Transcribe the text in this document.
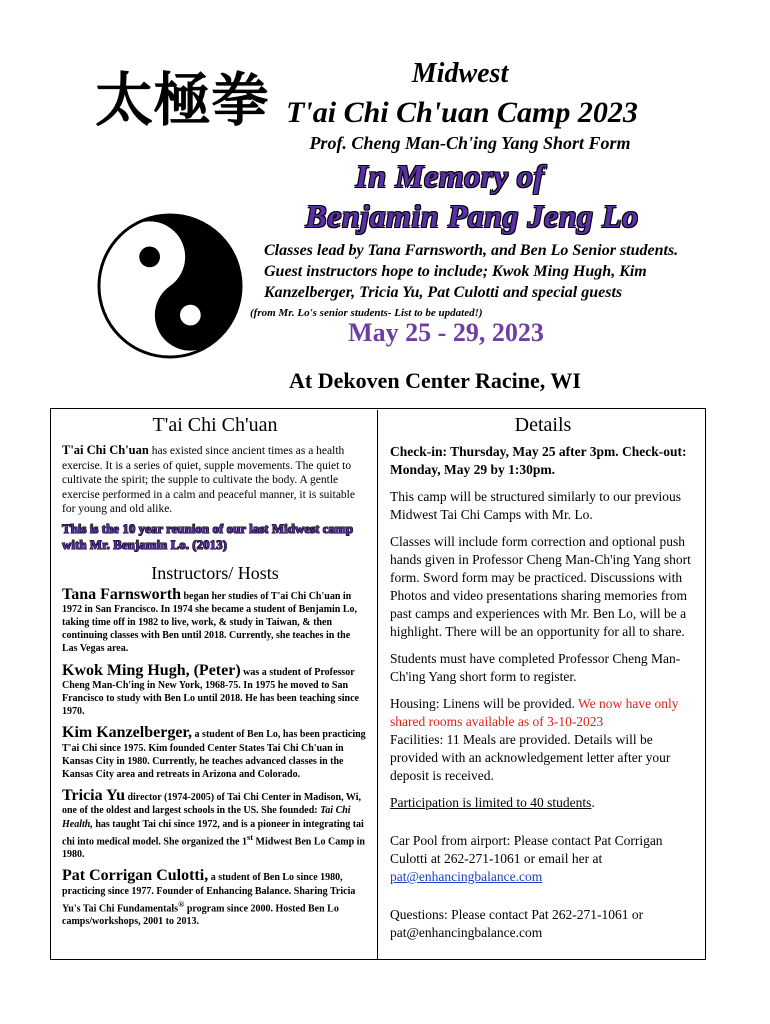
太極拳	Midwest
T'ai Chi Ch'uan Camp 2023
Prof. Cheng Man-Ch'ing Yang Short Form
In Memory of
Benjamin Pang Jeng Lo
Classes lead by Tana Farnsworth, and Ben Lo Senior students. Guest instructors hope to include; Kwok Ming Hugh, Kim Kanzelberger, Tricia Yu, Pat Culotti and special guests
(from Mr. Lo's senior students- List to be updated!)
May 25 - 29, 2023
At Dekoven Center Racine, WI
T'ai Chi Ch'uan
T'ai Chi Ch'uan has existed since ancient times as a health exercise. It is a series of quiet, supple movements. The quiet to cultivate the spirit; the supple to cultivate the body. A gentle exercise performed in a calm and peaceful manner, it is suitable for young and old alike.
This is the 10 year reunion of our last Midwest camp with Mr. Benjamin Lo. (2013)
Instructors/ Hosts
Tana Farnsworth began her studies of T'ai Chi Ch'uan in 1972 in San Francisco. In 1974 she became a student of Benjamin Lo, taking time off in 1982 to live, work, & study in Taiwan, & then continuing classes with Ben until 2018. Currently, she teaches in the Las Vegas area.
Kwok Ming Hugh, (Peter) was a student of Professor Cheng Man-Ch'ing in New York, 1968-75. In 1975 he moved to San Francisco to study with Ben Lo until 2018. He has been teaching since 1970.
Kim Kanzelberger, a student of Ben Lo, has been practicing T'ai Chi since 1975. Kim founded Center States Tai Chi Ch'uan in Kansas City in 1980. Currently, he teaches advanced classes in the Kansas City area and retreats in Arizona and Colorado.
Tricia Yu director (1974-2005) of Tai Chi Center in Madison, Wi, one of the oldest and largest schools in the US. She founded: Tai Chi Health, has taught Tai chi since 1972, and is a pioneer in integrating tai chi into medical model. She organized the 1st Midwest Ben Lo Camp in 1980.
Pat Corrigan Culotti, a student of Ben Lo since 1980, practicing since 1977. Founder of Enhancing Balance. Sharing Tricia Yu's Tai Chi Fundamentals® program since 2000. Hosted Ben Lo camps/workshops, 2001 to 2013.
Details
Check-in: Thursday, May 25 after 3pm. Check-out: Monday, May 29 by 1:30pm.
This camp will be structured similarly to our previous Midwest Tai Chi Camps with Mr. Lo.
Classes will include form correction and optional push hands given in Professor Cheng Man-Ch'ing Yang short form. Sword form may be practiced. Discussions with Photos and video presentations sharing memories from past camps and experiences with Mr. Ben Lo, will be a highlight. There will be an opportunity for all to share.
Students must have completed Professor Cheng Man-Ch'ing Yang short form to register.
Housing: Linens will be provided. We now have only shared rooms available as of 3-10-2023
Facilities: 11 Meals are provided. Details will be provided with an acknowledgement letter after your deposit is received.
Participation is limited to 40 students.
Car Pool from airport: Please contact Pat Corrigan Culotti at 262-271-1061 or email her at
pat@enhancingbalance.com
Questions: Please contact Pat 262-271-1061 or pat@enhancingbalance.com
